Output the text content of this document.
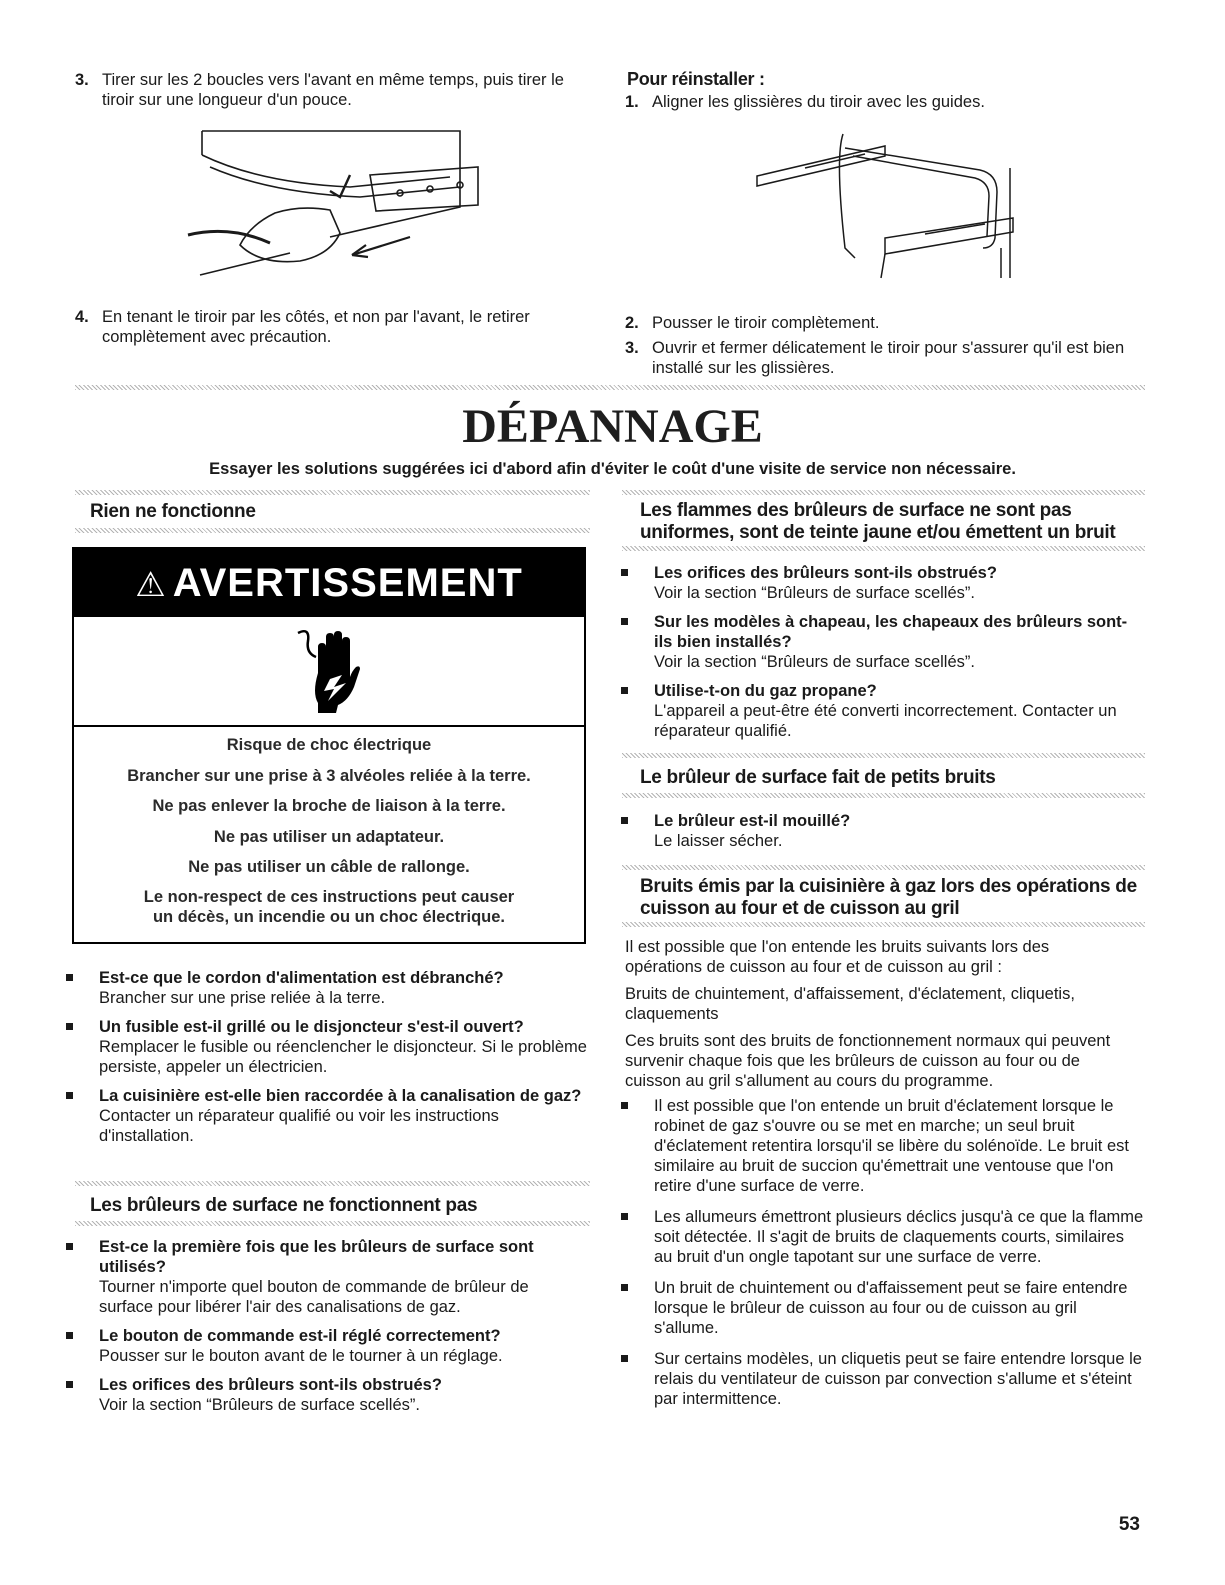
3. Tirer sur les 2 boucles vers l'avant en même temps, puis tirer le tiroir sur une longueur d'un pouce.
4. En tenant le tiroir par les côtés, et non par l'avant, le retirer complètement avec précaution.
Pour réinstaller :
1. Aligner les glissières du tiroir avec les guides.
2. Pousser le tiroir complètement.
3. Ouvrir et fermer délicatement le tiroir pour s'assurer qu'il est bien installé sur les glissières.
DÉPANNAGE
Essayer les solutions suggérées ici d'abord afin d'éviter le coût d'une visite de service non nécessaire.
Rien ne fonctionne
⚠ AVERTISSEMENT
Risque de choc électrique
Brancher sur une prise à 3 alvéoles reliée à la terre.
Ne pas enlever la broche de liaison à la terre.
Ne pas utiliser un adaptateur.
Ne pas utiliser un câble de rallonge.
Le non-respect de ces instructions peut causer
un décès, un incendie ou un choc électrique.
Est-ce que le cordon d'alimentation est débranché?
Brancher sur une prise reliée à la terre.
Un fusible est-il grillé ou le disjoncteur s'est-il ouvert?
Remplacer le fusible ou réenclencher le disjoncteur. Si le problème persiste, appeler un électricien.
La cuisinière est-elle bien raccordée à la canalisation de gaz?
Contacter un réparateur qualifié ou voir les instructions d'installation.
Les brûleurs de surface ne fonctionnent pas
Est-ce la première fois que les brûleurs de surface sont utilisés?
Tourner n'importe quel bouton de commande de brûleur de surface pour libérer l'air des canalisations de gaz.
Le bouton de commande est-il réglé correctement?
Pousser sur le bouton avant de le tourner à un réglage.
Les orifices des brûleurs sont-ils obstrués?
Voir la section “Brûleurs de surface scellés”.
Les flammes des brûleurs de surface ne sont pas uniformes, sont de teinte jaune et/ou émettent un bruit
Les orifices des brûleurs sont-ils obstrués?
Voir la section “Brûleurs de surface scellés”.
Sur les modèles à chapeau, les chapeaux des brûleurs sont-ils bien installés?
Voir la section “Brûleurs de surface scellés”.
Utilise-t-on du gaz propane?
L'appareil a peut-être été converti incorrectement. Contacter un réparateur qualifié.
Le brûleur de surface fait de petits bruits
Le brûleur est-il mouillé?
Le laisser sécher.
Bruits émis par la cuisinière à gaz lors des opérations de cuisson au four et de cuisson au gril

Il est possible que l'on entende les bruits suivants lors des opérations de cuisson au four et de cuisson au gril :

Bruits de chuintement, d'affaissement, d'éclatement, cliquetis, claquements

Ces bruits sont des bruits de fonctionnement normaux qui peuvent survenir chaque fois que les brûleurs de cuisson au four ou de cuisson au gril s'allument au cours du programme.

Il est possible que l'on entende un bruit d'éclatement lorsque le robinet de gaz s'ouvre ou se met en marche; un seul bruit d'éclatement retentira lorsqu'il se libère du solénoïde. Le bruit est similaire au bruit de succion qu'émettrait une ventouse que l'on retire d'une surface de verre.
Les allumeurs émettront plusieurs déclics jusqu'à ce que la flamme soit détectée. Il s'agit de bruits de claquements courts, similaires au bruit d'un ongle tapotant sur une surface de verre.
Un bruit de chuintement ou d'affaissement peut se faire entendre lorsque le brûleur de cuisson au four ou de cuisson au gril s'allume.
Sur certains modèles, un cliquetis peut se faire entendre lorsque le relais du ventilateur de cuisson par convection s'allume et s'éteint par intermittence.
53
